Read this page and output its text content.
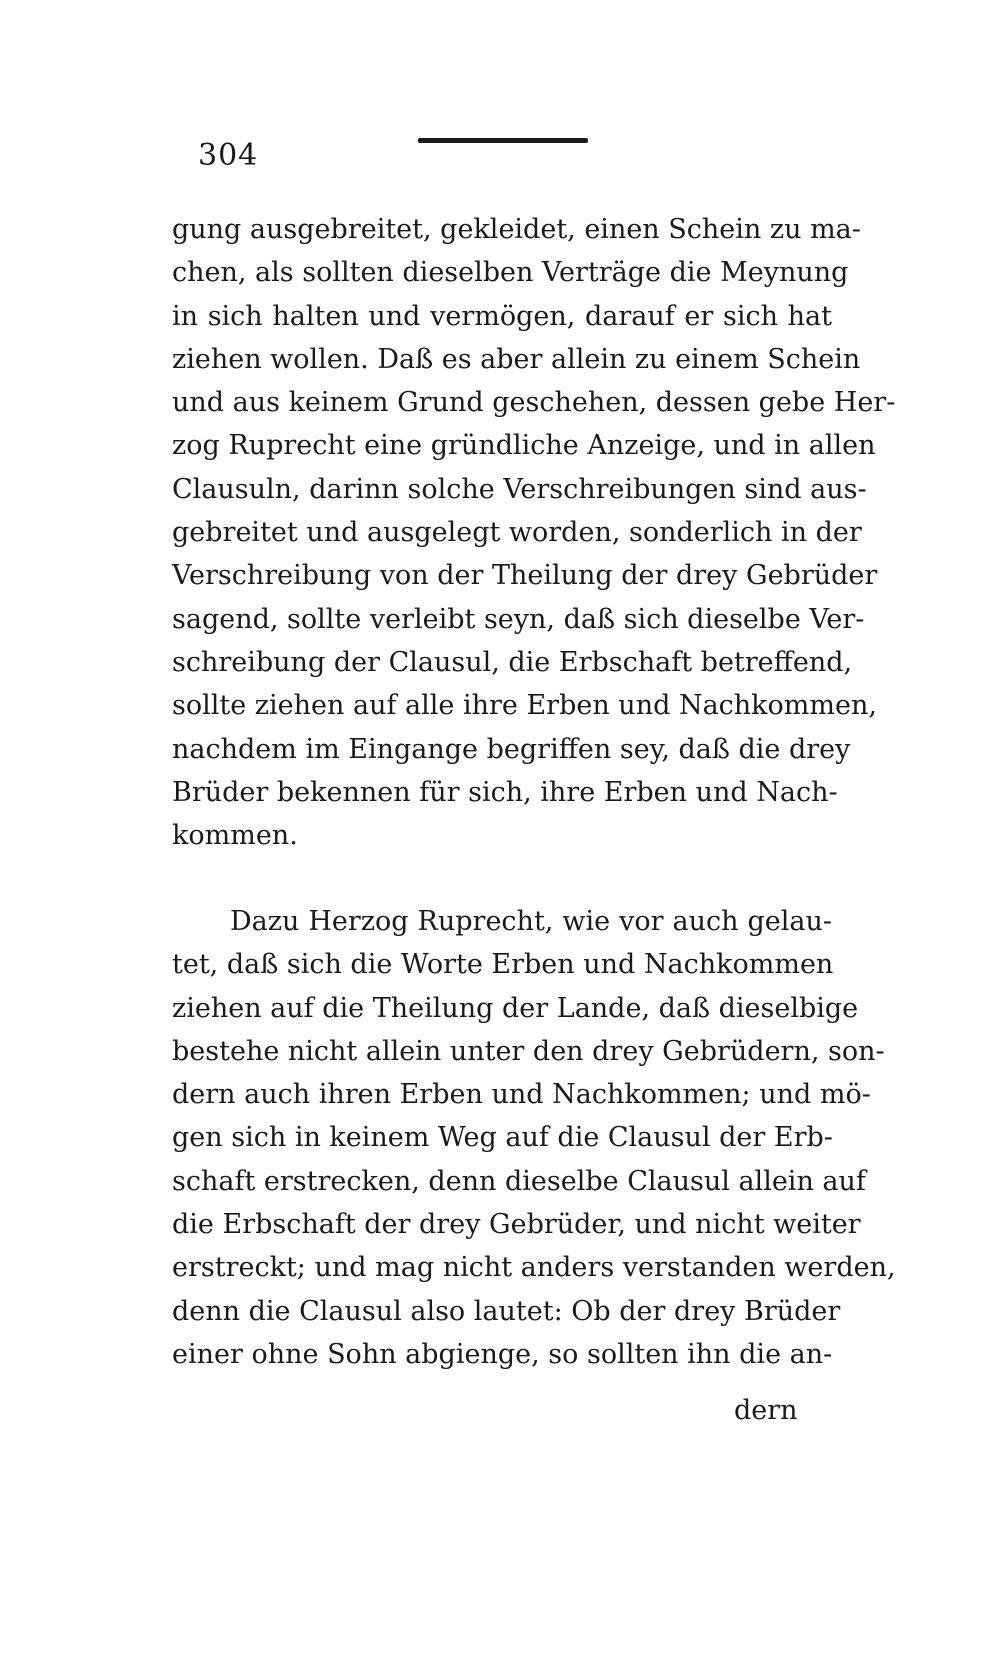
304
gung ausgebreitet, gekleidet, einen Schein zu ma-
chen, als sollten dieselben Verträge die Meynung
in sich halten und vermögen, darauf er sich hat
ziehen wollen. Daß es aber allein zu einem Schein
und aus keinem Grund geschehen, dessen gebe Her-
zog Ruprecht eine gründliche Anzeige, und in allen
Clausuln, darinn solche Verschreibungen sind aus-
gebreitet und ausgelegt worden, sonderlich in der
Verschreibung von der Theilung der drey Gebrüder
sagend, sollte verleibt seyn, daß sich dieselbe Ver-
schreibung der Clausul, die Erbschaft betreffend,
sollte ziehen auf alle ihre Erben und Nachkommen,
nachdem im Eingange begriffen sey, daß die drey
Brüder bekennen für sich, ihre Erben und Nach-
kommen.
Dazu Herzog Ruprecht, wie vor auch gelau-
tet, daß sich die Worte Erben und Nachkommen
ziehen auf die Theilung der Lande, daß dieselbige
bestehe nicht allein unter den drey Gebrüdern, son-
dern auch ihren Erben und Nachkommen; und mö-
gen sich in keinem Weg auf die Clausul der Erb-
schaft erstrecken, denn dieselbe Clausul allein auf
die Erbschaft der drey Gebrüder, und nicht weiter
erstreckt; und mag nicht anders verstanden werden,
denn die Clausul also lautet: Ob der drey Brüder
einer ohne Sohn abgienge, so sollten ihn die an-
dern
